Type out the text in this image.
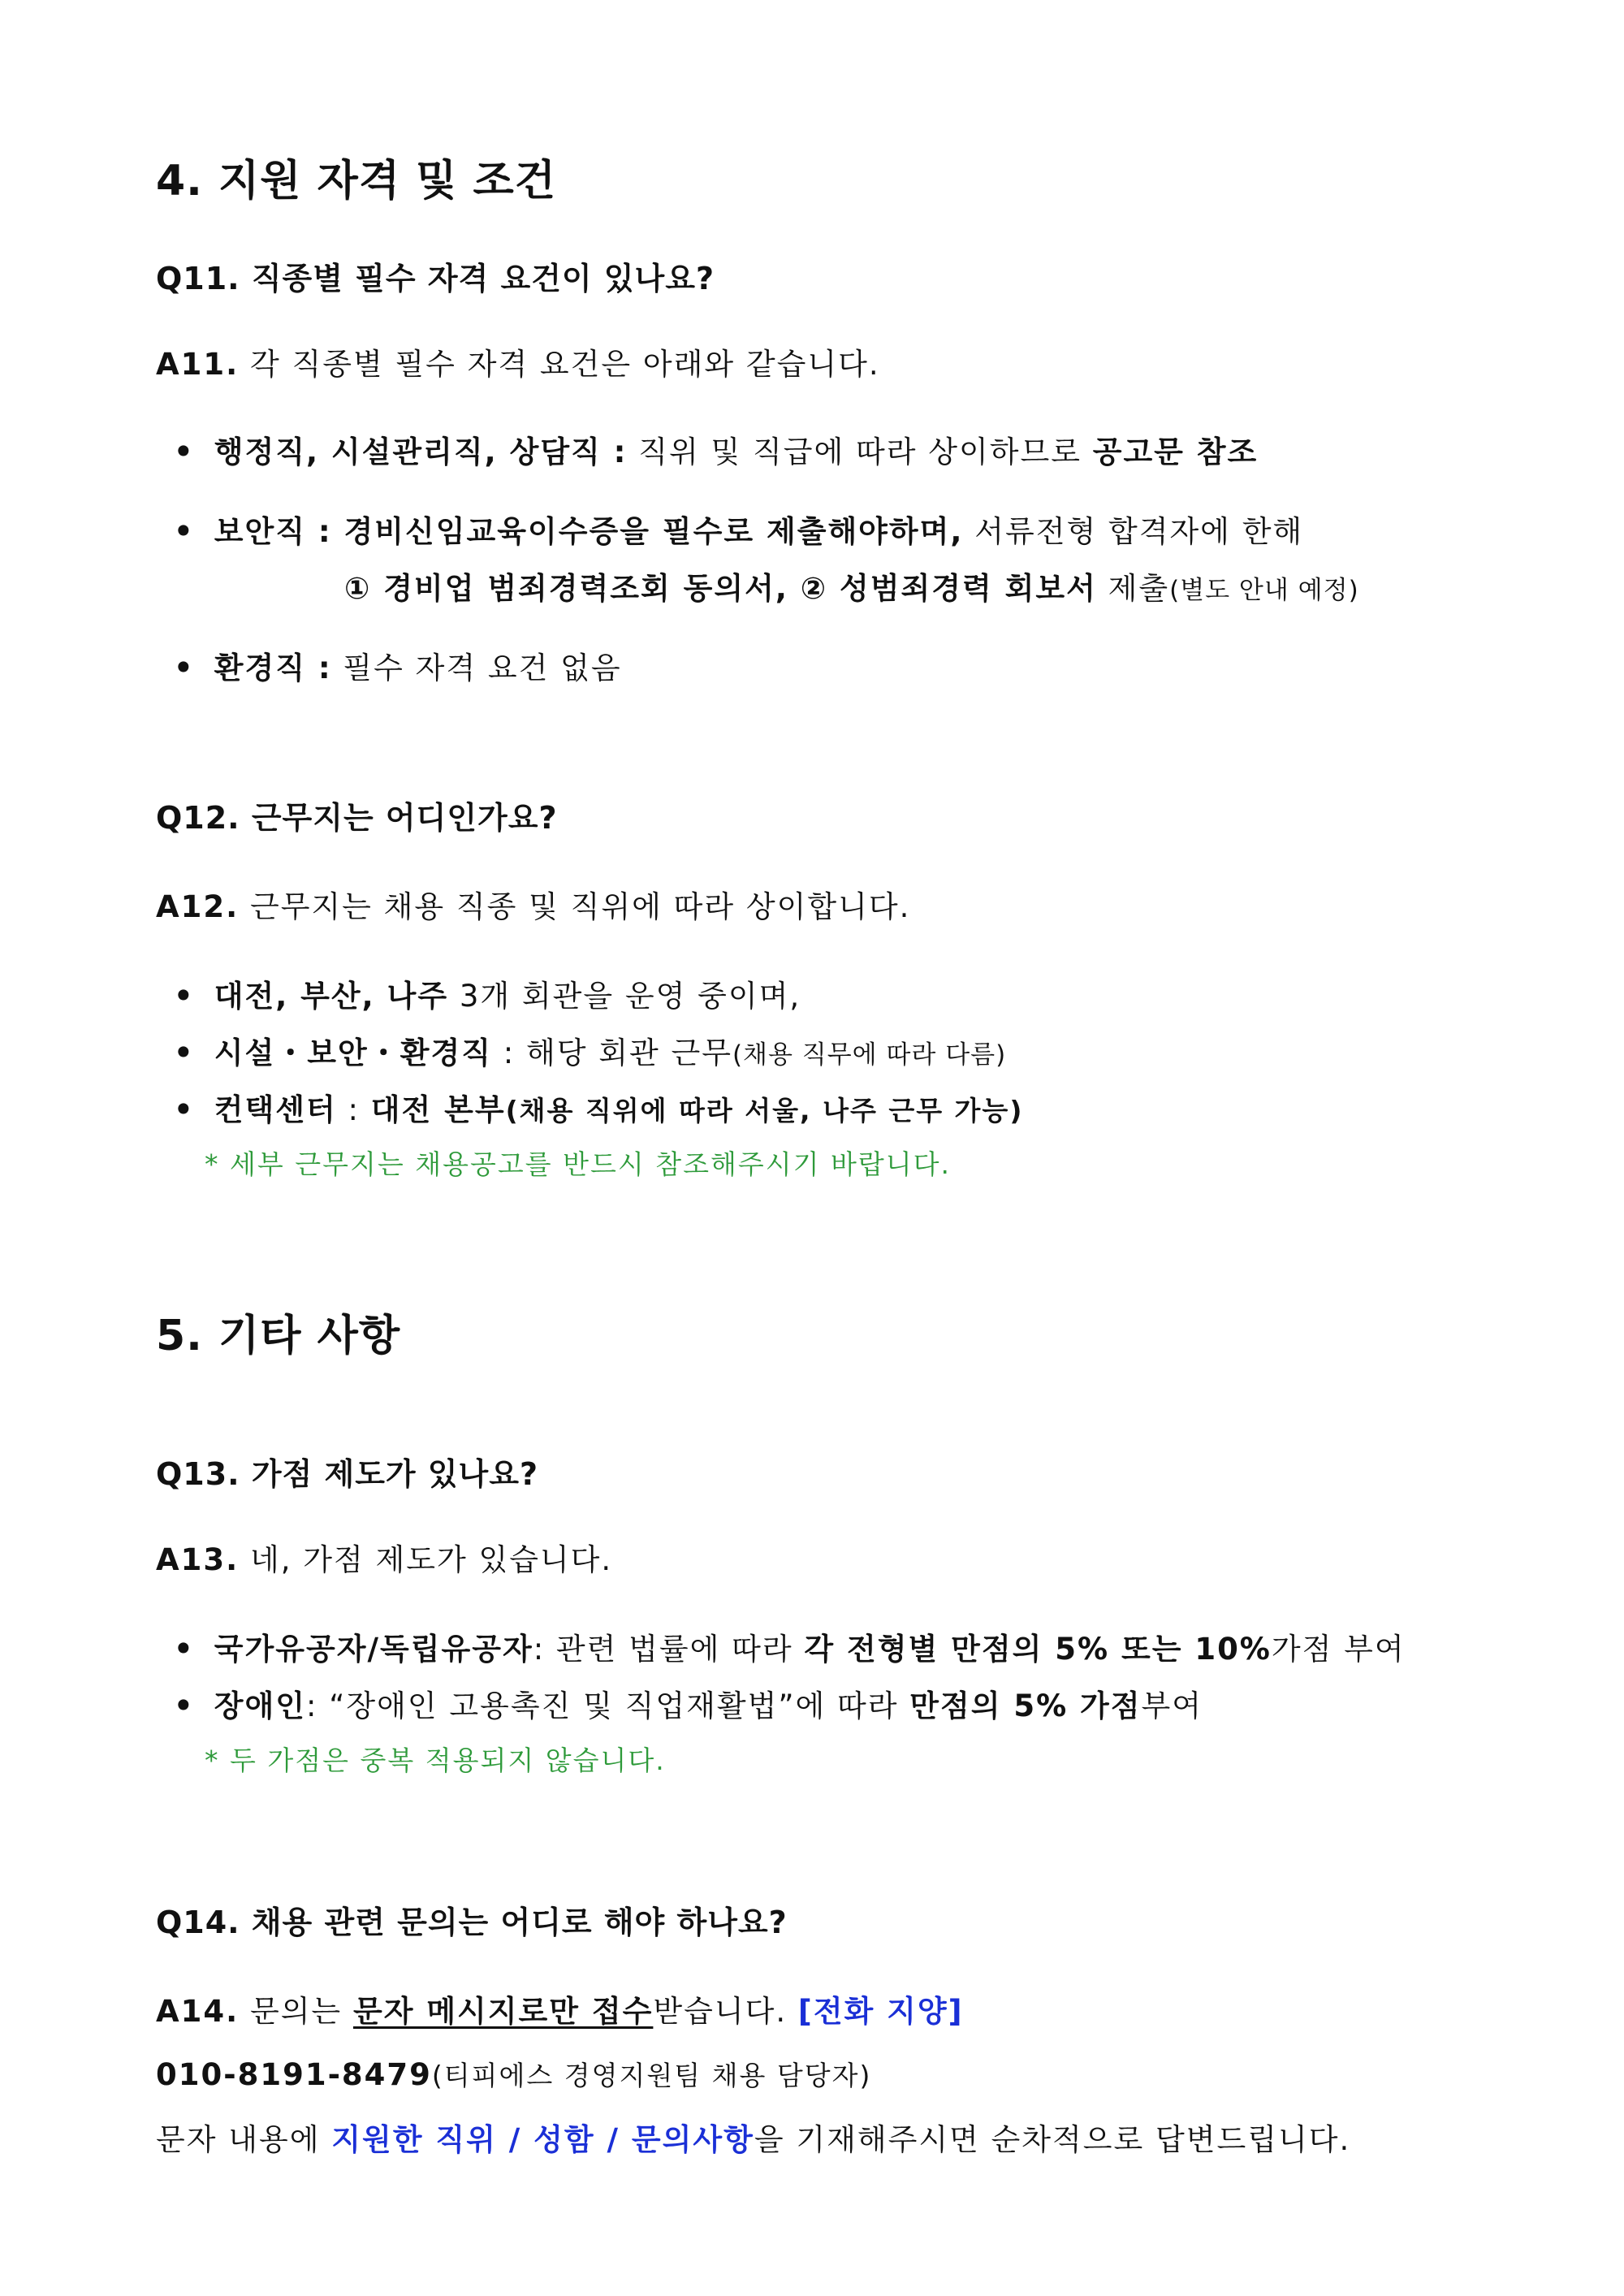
4. 지원 자격 및 조건
Q11. 직종별 필수 자격 요건이 있나요?
A11. 각 직종별 필수 자격 요건은 아래와 같습니다.
• 행정직, 시설관리직, 상담직 : 직위 및 직급에 따라 상이하므로 공고문 참조
• 보안직 : 경비신임교육이수증을 필수로 제출해야하며, 서류전형 합격자에 한해
① 경비업 범죄경력조회 동의서, ② 성범죄경력 회보서 제출(별도 안내 예정)
• 환경직 : 필수 자격 요건 없음
Q12. 근무지는 어디인가요?
A12. 근무지는 채용 직종 및 직위에 따라 상이합니다.
• 대전, 부산, 나주 3개 회관을 운영 중이며,
• 시설・보안・환경직 : 해당 회관 근무(채용 직무에 따라 다름)
• 컨택센터 : 대전 본부(채용 직위에 따라 서울, 나주 근무 가능)
* 세부 근무지는 채용공고를 반드시 참조해주시기 바랍니다.
5. 기타 사항
Q13. 가점 제도가 있나요?
A13. 네, 가점 제도가 있습니다.
• 국가유공자/독립유공자: 관련 법률에 따라 각 전형별 만점의 5% 또는 10%가점 부여
• 장애인: “장애인 고용촉진 및 직업재활법”에 따라 만점의 5% 가점부여
* 두 가점은 중복 적용되지 않습니다.
Q14. 채용 관련 문의는 어디로 해야 하나요?
A14. 문의는 문자 메시지로만 접수받습니다. [전화 지양]
010-8191-8479(티피에스 경영지원팀 채용 담당자)
문자 내용에 지원한 직위 / 성함 / 문의사항을 기재해주시면 순차적으로 답변드립니다.
